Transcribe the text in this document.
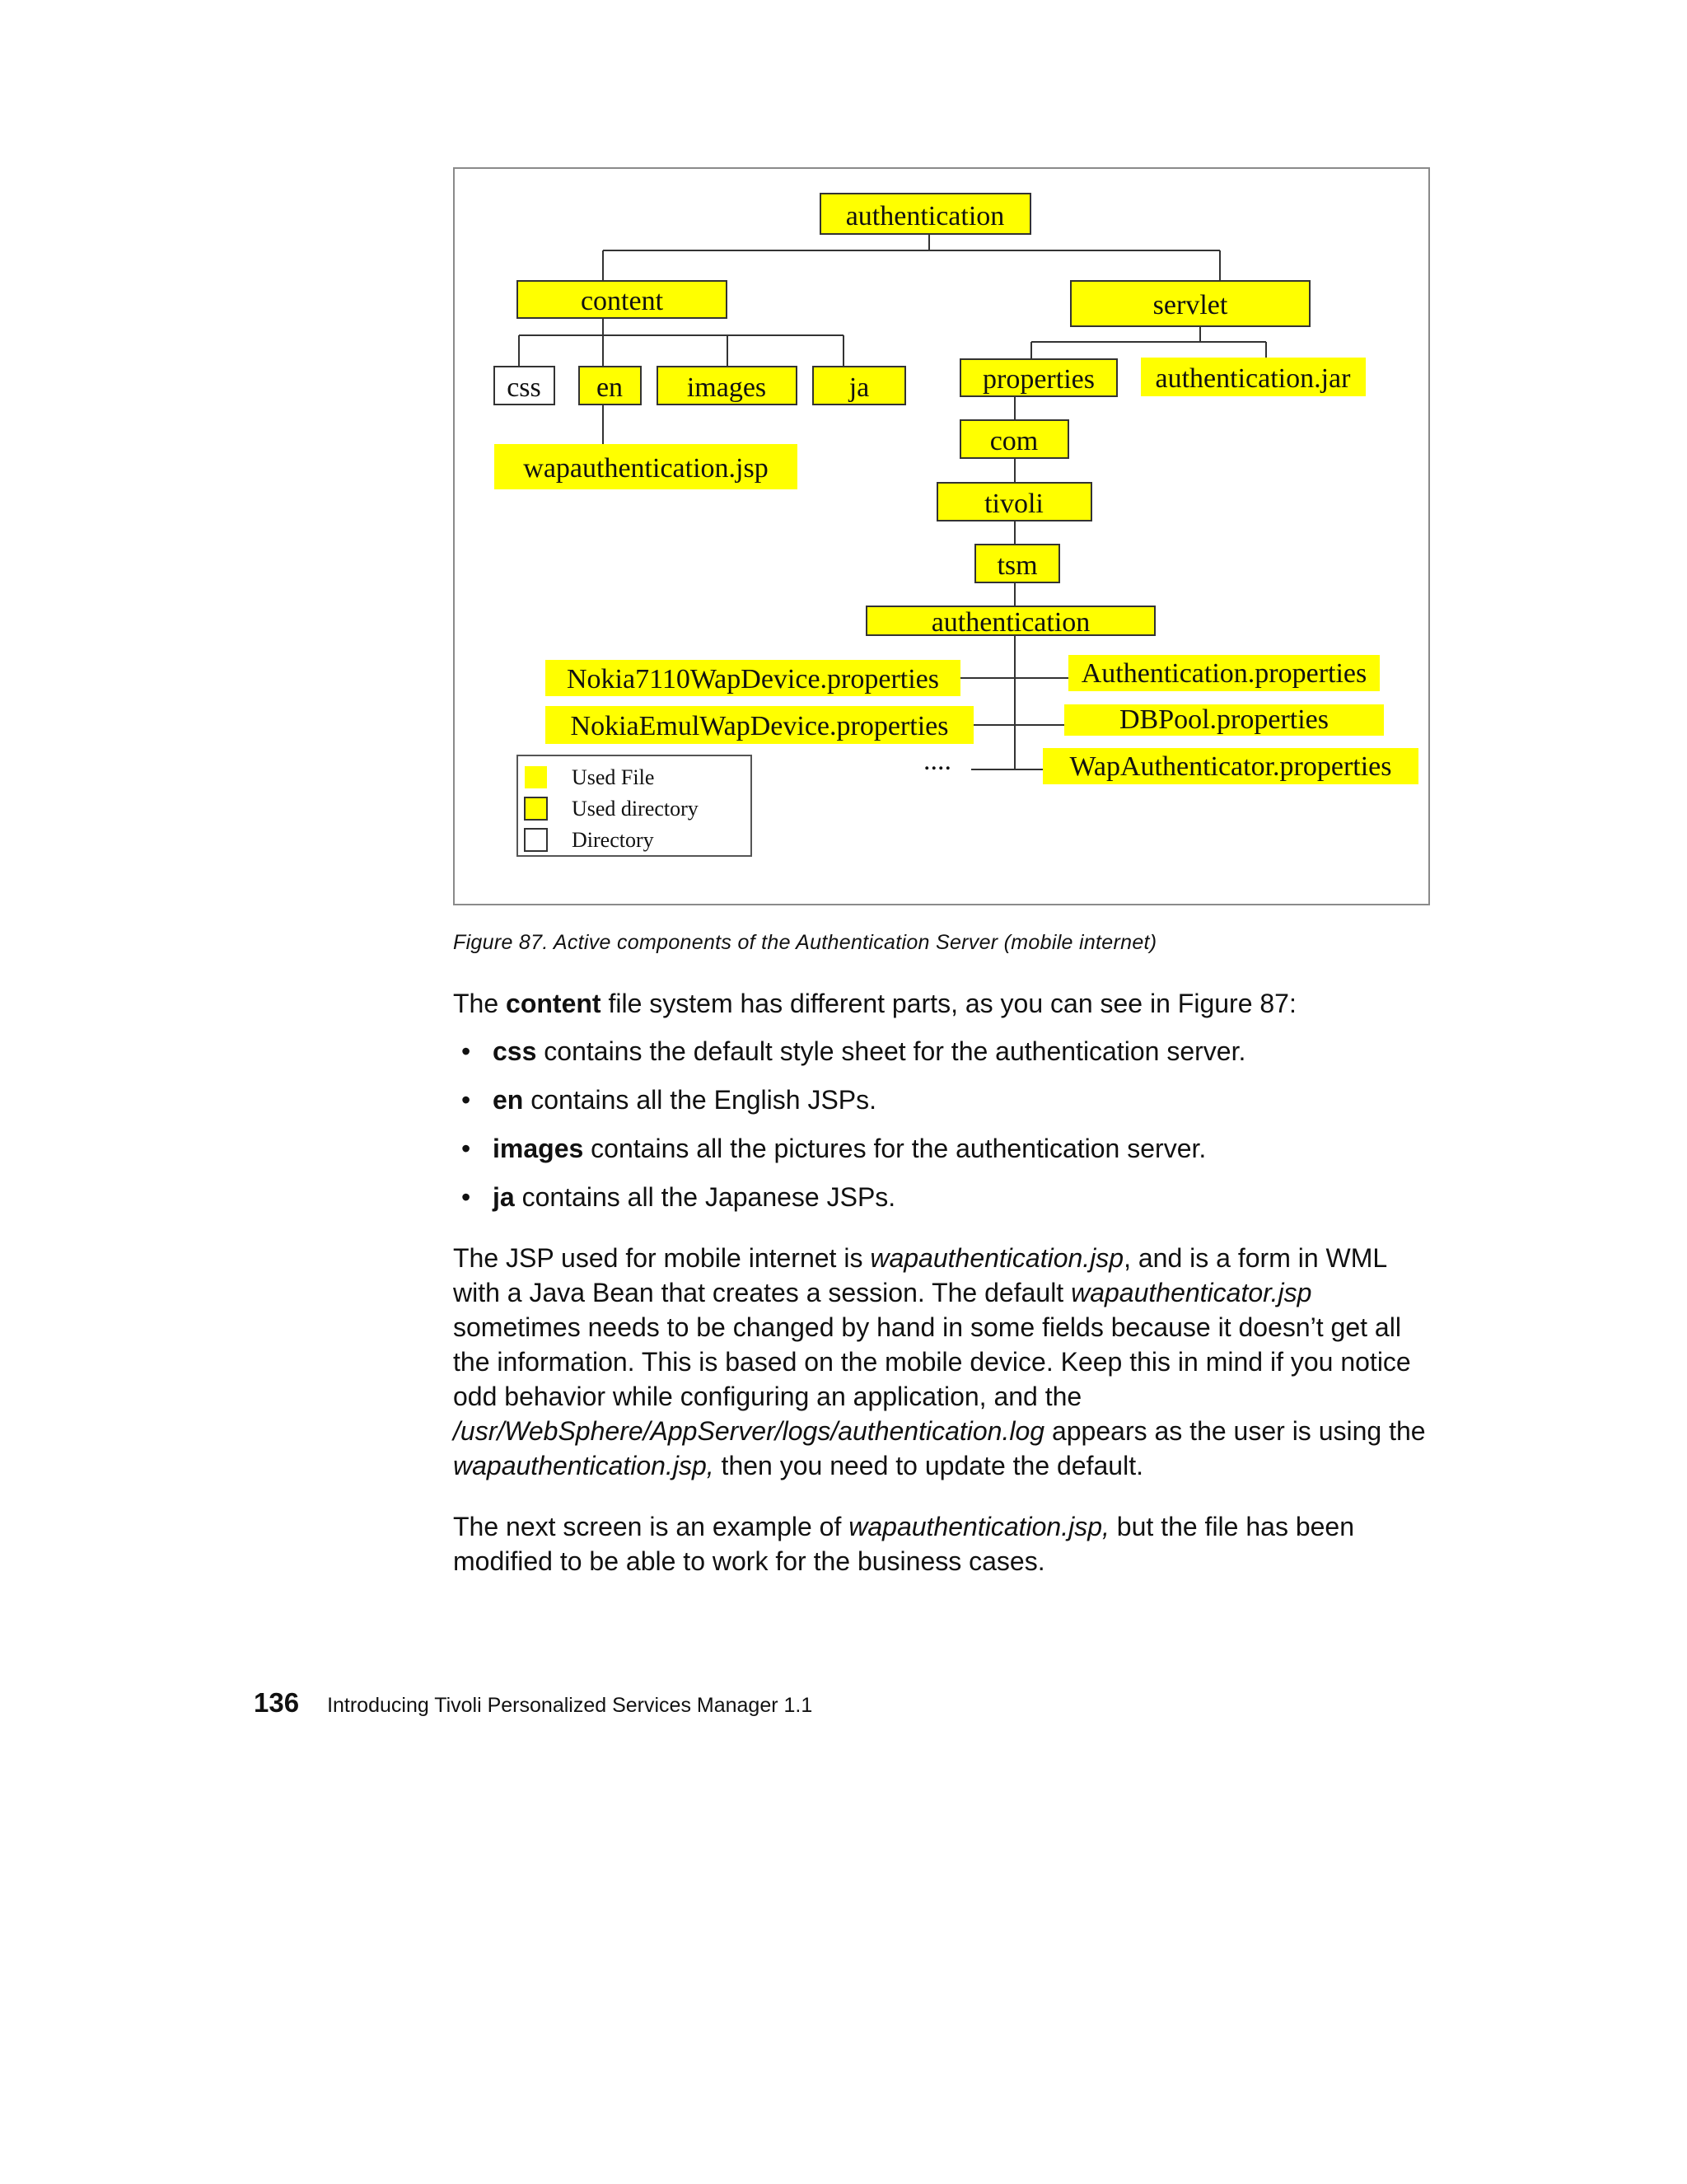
authentication
content	servlet
css en images	ja
wapauthentication.jsp
properties authentication.jar
com
tivoli
tsm
authentication
Nokia7110WapDevice.properties
NokiaEmulWapDevice.properties
....
Authentication.properties
DBPool.properties
WapAuthenticator.properties
Used File
Used directory
Directory
Figure 87. Active components of the Authentication Server (mobile internet)

The content file system has different parts, as you can see in Figure 87:

• css contains the default style sheet for the authentication server.
• en contains all the English JSPs.
• images contains all the pictures for the authentication server.
• ja contains all the Japanese JSPs.

The JSP used for mobile internet is wapauthentication.jsp, and is a form in WML with a Java Bean that creates a session. The default wapauthenticator.jsp sometimes needs to be changed by hand in some fields because it doesn’t get all the information. This is based on the mobile device. Keep this in mind if you notice odd behavior while configuring an application, and the /usr/WebSphere/AppServer/logs/authentication.log appears as the user is using the wapauthentication.jsp, then you need to update the default.

The next screen is an example of wapauthentication.jsp, but the file has been modified to be able to work for the business cases.

136 Introducing Tivoli Personalized Services Manager 1.1
